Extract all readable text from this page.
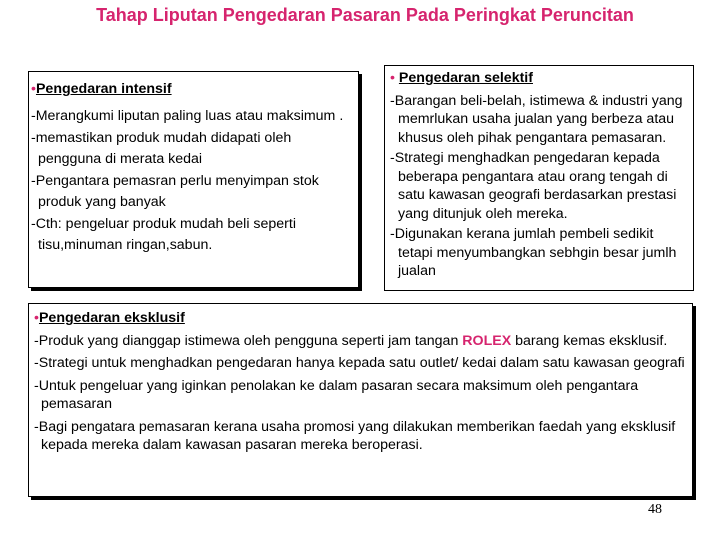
Tahap Liputan Pengedaran Pasaran Pada Peringkat Peruncitan
•Pengedaran intensif
-Merangkumi liputan paling luas atau maksimum .
-memastikan produk mudah didapati oleh pengguna di merata kedai
-Pengantara pemasran perlu menyimpan stok produk yang banyak
-Cth: pengeluar produk mudah beli seperti tisu,minuman ringan,sabun.
• Pengedaran selektif
-Barangan beli-belah, istimewa & industri yang memrlukan usaha jualan yang berbeza atau khusus oleh pihak pengantara pemasaran.
-Strategi menghadkan pengedaran kepada beberapa pengantara atau orang tengah di satu kawasan geografi berdasarkan prestasi yang ditunjuk oleh mereka.
-Digunakan kerana jumlah pembeli sedikit tetapi menyumbangkan sebhgin besar jumlh jualan
•Pengedaran eksklusif
-Produk yang dianggap istimewa oleh pengguna seperti jam tangan ROLEX barang kemas eksklusif.
-Strategi untuk menghadkan pengedaran hanya kepada satu outlet/ kedai dalam satu kawasan geografi
-Untuk pengeluar yang iginkan penolakan ke dalam pasaran secara maksimum oleh pengantara pemasaran
-Bagi pengatara pemasaran kerana usaha promosi yang dilakukan memberikan faedah yang eksklusif kepada mereka dalam kawasan pasaran mereka beroperasi.
48
